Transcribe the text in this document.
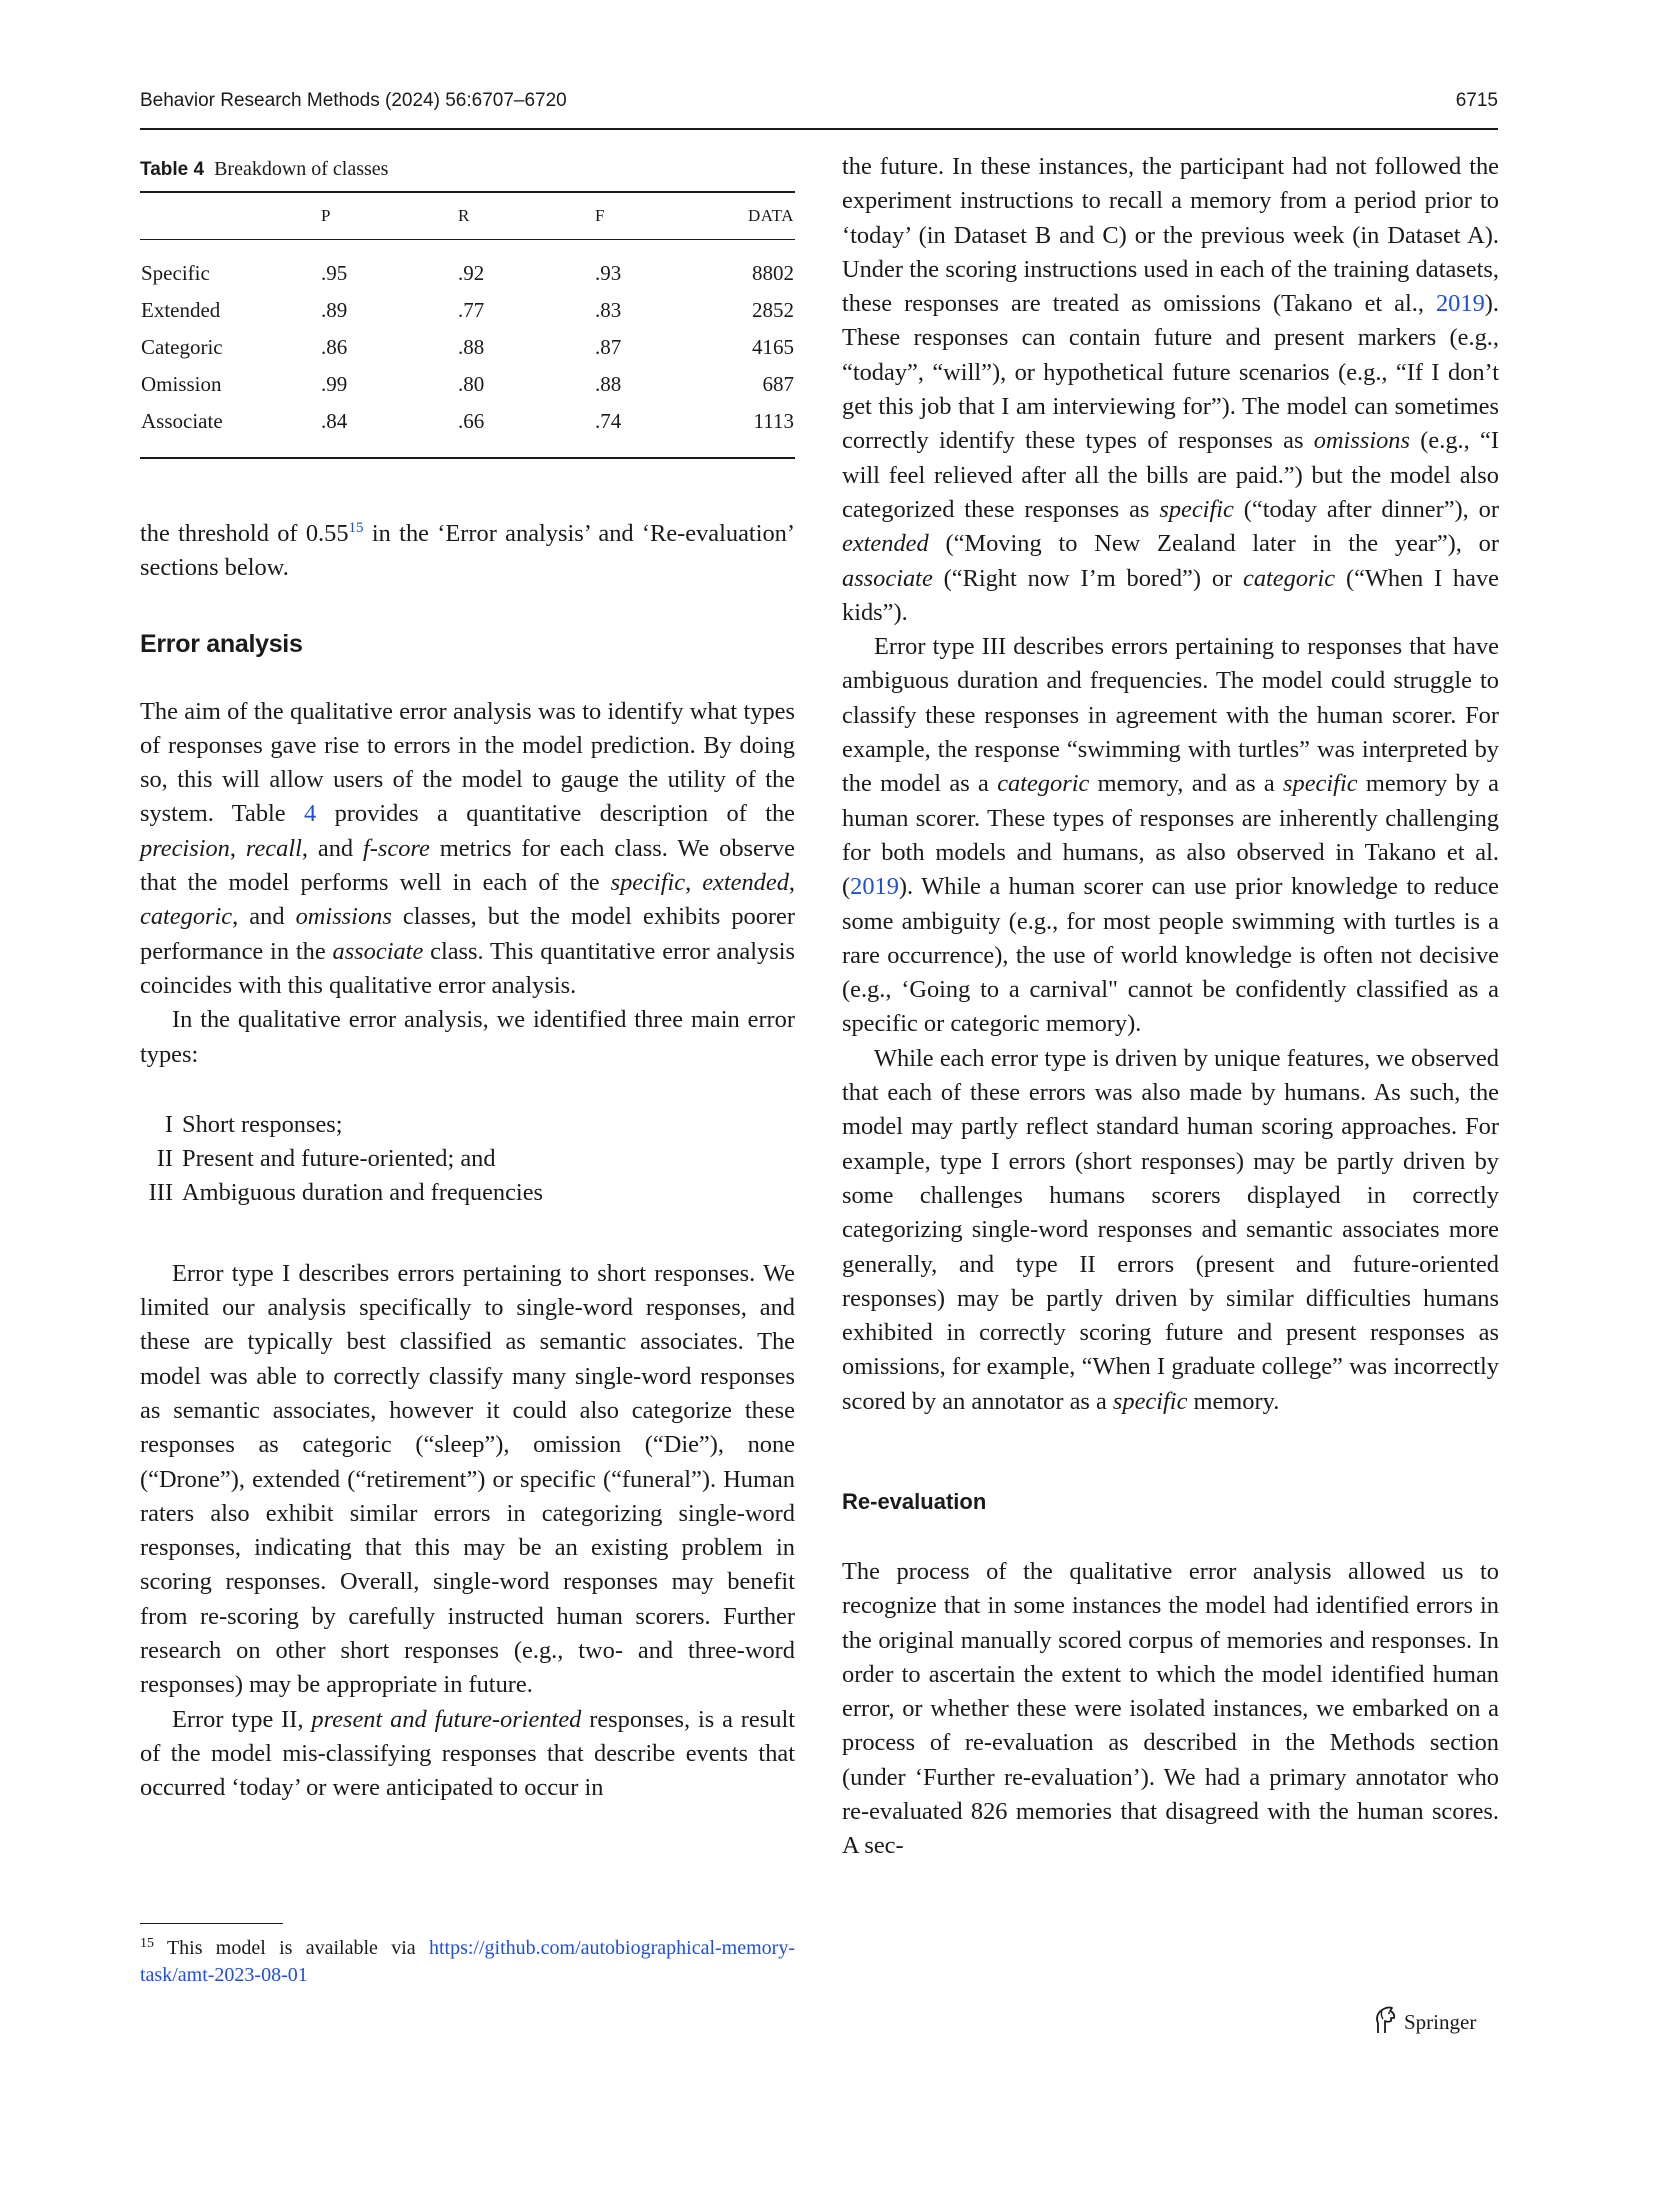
Behavior Research Methods (2024) 56:6707–6720	6715
Table 4 Breakdown of classes
	P	R	F	DATA
Specific	.95	.92	.93	8802
Extended	.89	.77	.83	2852
Categoric	.86	.88	.87	4165
Omission	.99	.80	.88	687
Associate	.84	.66	.74	1113

the threshold of 0.55$^{15}$ in the ‘Error analysis’ and ‘Re-evaluation’ sections below.

Error analysis

The aim of the qualitative error analysis was to identify what types of responses gave rise to errors in the model prediction. By doing so, this will allow users of the model to gauge the utility of the system. Table 4 provides a quantitative description of the precision, recall, and f-score metrics for each class. We observe that the model performs well in each of the specific, extended, categoric, and omissions classes, but the model exhibits poorer performance in the associate class. This quantitative error analysis coincides with this qualitative error analysis.

In the qualitative error analysis, we identified three main error types:

I Short responses;
II Present and future-oriented; and
III Ambiguous duration and frequencies

Error type I describes errors pertaining to short responses. We limited our analysis specifically to single-word responses, and these are typically best classified as semantic associates. The model was able to correctly classify many single-word responses as semantic associates, however it could also categorize these responses as categoric (“sleep”), omission (“Die”), none (“Drone”), extended (“retirement”) or specific (“funeral”). Human raters also exhibit similar errors in categorizing single-word responses, indicating that this may be an existing problem in scoring responses. Overall, single-word responses may benefit from re-scoring by carefully instructed human scorers. Further research on other short responses (e.g., two- and three-word responses) may be appropriate in future.

Error type II, present and future-oriented responses, is a result of the model mis-classifying responses that describe events that occurred ‘today’ or were anticipated to occur in

$^{15}$ This model is available via https://github.com/autobiographical-memory-task/amt-2023-08-01

the future. In these instances, the participant had not followed the experiment instructions to recall a memory from a period prior to ‘today’ (in Dataset B and C) or the previous week (in Dataset A). Under the scoring instructions used in each of the training datasets, these responses are treated as omissions (Takano et al., 2019). These responses can contain future and present markers (e.g., “today”, “will”), or hypothetical future scenarios (e.g., “If I don’t get this job that I am interviewing for”). The model can sometimes correctly identify these types of responses as omissions (e.g., “I will feel relieved after all the bills are paid.”) but the model also categorized these responses as specific (“today after dinner”), or extended (“Moving to New Zealand later in the year”), or associate (“Right now I’m bored”) or categoric (“When I have kids”).

Error type III describes errors pertaining to responses that have ambiguous duration and frequencies. The model could struggle to classify these responses in agreement with the human scorer. For example, the response “swimming with turtles” was interpreted by the model as a categoric memory, and as a specific memory by a human scorer. These types of responses are inherently challenging for both models and humans, as also observed in Takano et al. (2019). While a human scorer can use prior knowledge to reduce some ambiguity (e.g., for most people swimming with turtles is a rare occurrence), the use of world knowledge is often not decisive (e.g., ‘Going to a carnival" cannot be confidently classified as a specific or categoric memory).

While each error type is driven by unique features, we observed that each of these errors was also made by humans. As such, the model may partly reflect standard human scoring approaches. For example, type I errors (short responses) may be partly driven by some challenges humans scorers displayed in correctly categorizing single-word responses and semantic associates more generally, and type II errors (present and future-oriented responses) may be partly driven by similar difficulties humans exhibited in correctly scoring future and present responses as omissions, for example, “When I graduate college” was incorrectly scored by an annotator as a specific memory.

Re-evaluation

The process of the qualitative error analysis allowed us to recognize that in some instances the model had identified errors in the original manually scored corpus of memories and responses. In order to ascertain the extent to which the model identified human error, or whether these were isolated instances, we embarked on a process of re-evaluation as described in the Methods section (under ‘Further re-evaluation’). We had a primary annotator who re-evaluated 826 memories that disagreed with the human scores. A sec-

Springer
